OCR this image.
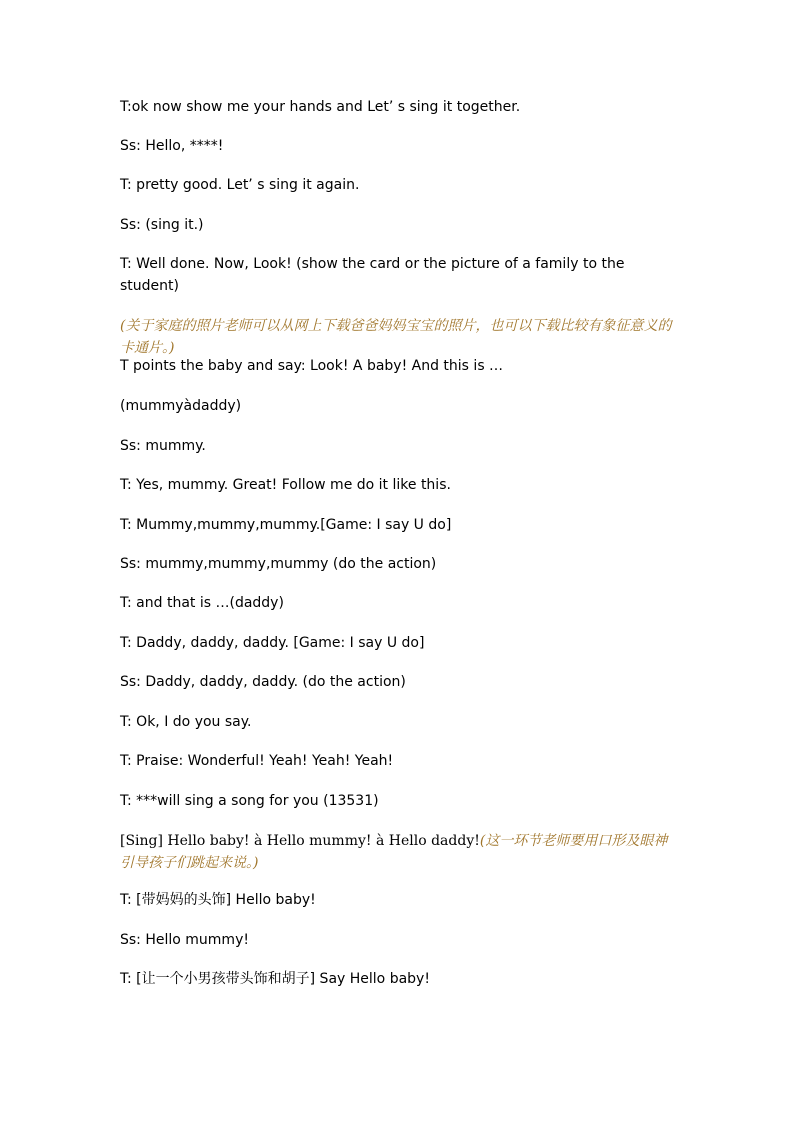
T:ok now show me your hands and Let’ s sing it together.
Ss: Hello, ****!
T: pretty good. Let’ s sing it again.
Ss: (sing it.)
T: Well done. Now, Look! (show the card or the picture of a family to the student)
(关于家庭的照片老师可以从网上下载爸爸妈妈宝宝的照片，也可以下载比较有象征意义的卡通片。)
T points the baby and say: Look! A baby! And this is …
(mummyàdaddy)
Ss: mummy.
T: Yes, mummy. Great! Follow me do it like this.
T: Mummy,mummy,mummy.[Game: I say U do]
Ss: mummy,mummy,mummy (do the action)
T: and that is …(daddy)
T: Daddy, daddy, daddy. [Game: I say U do]
Ss: Daddy, daddy, daddy. (do the action)
T: Ok, I do you say.
T: Praise: Wonderful! Yeah! Yeah! Yeah!
T: ***will sing a song for you (13531)
[Sing] Hello baby! à Hello mummy! à Hello daddy!(这一环节老师要用口形及眼神引导孩子们跳起来说。)
T: [带妈妈的头饰] Hello baby!
Ss: Hello mummy!
T: [让一个小男孩带头饰和胡子] Say Hello baby!
